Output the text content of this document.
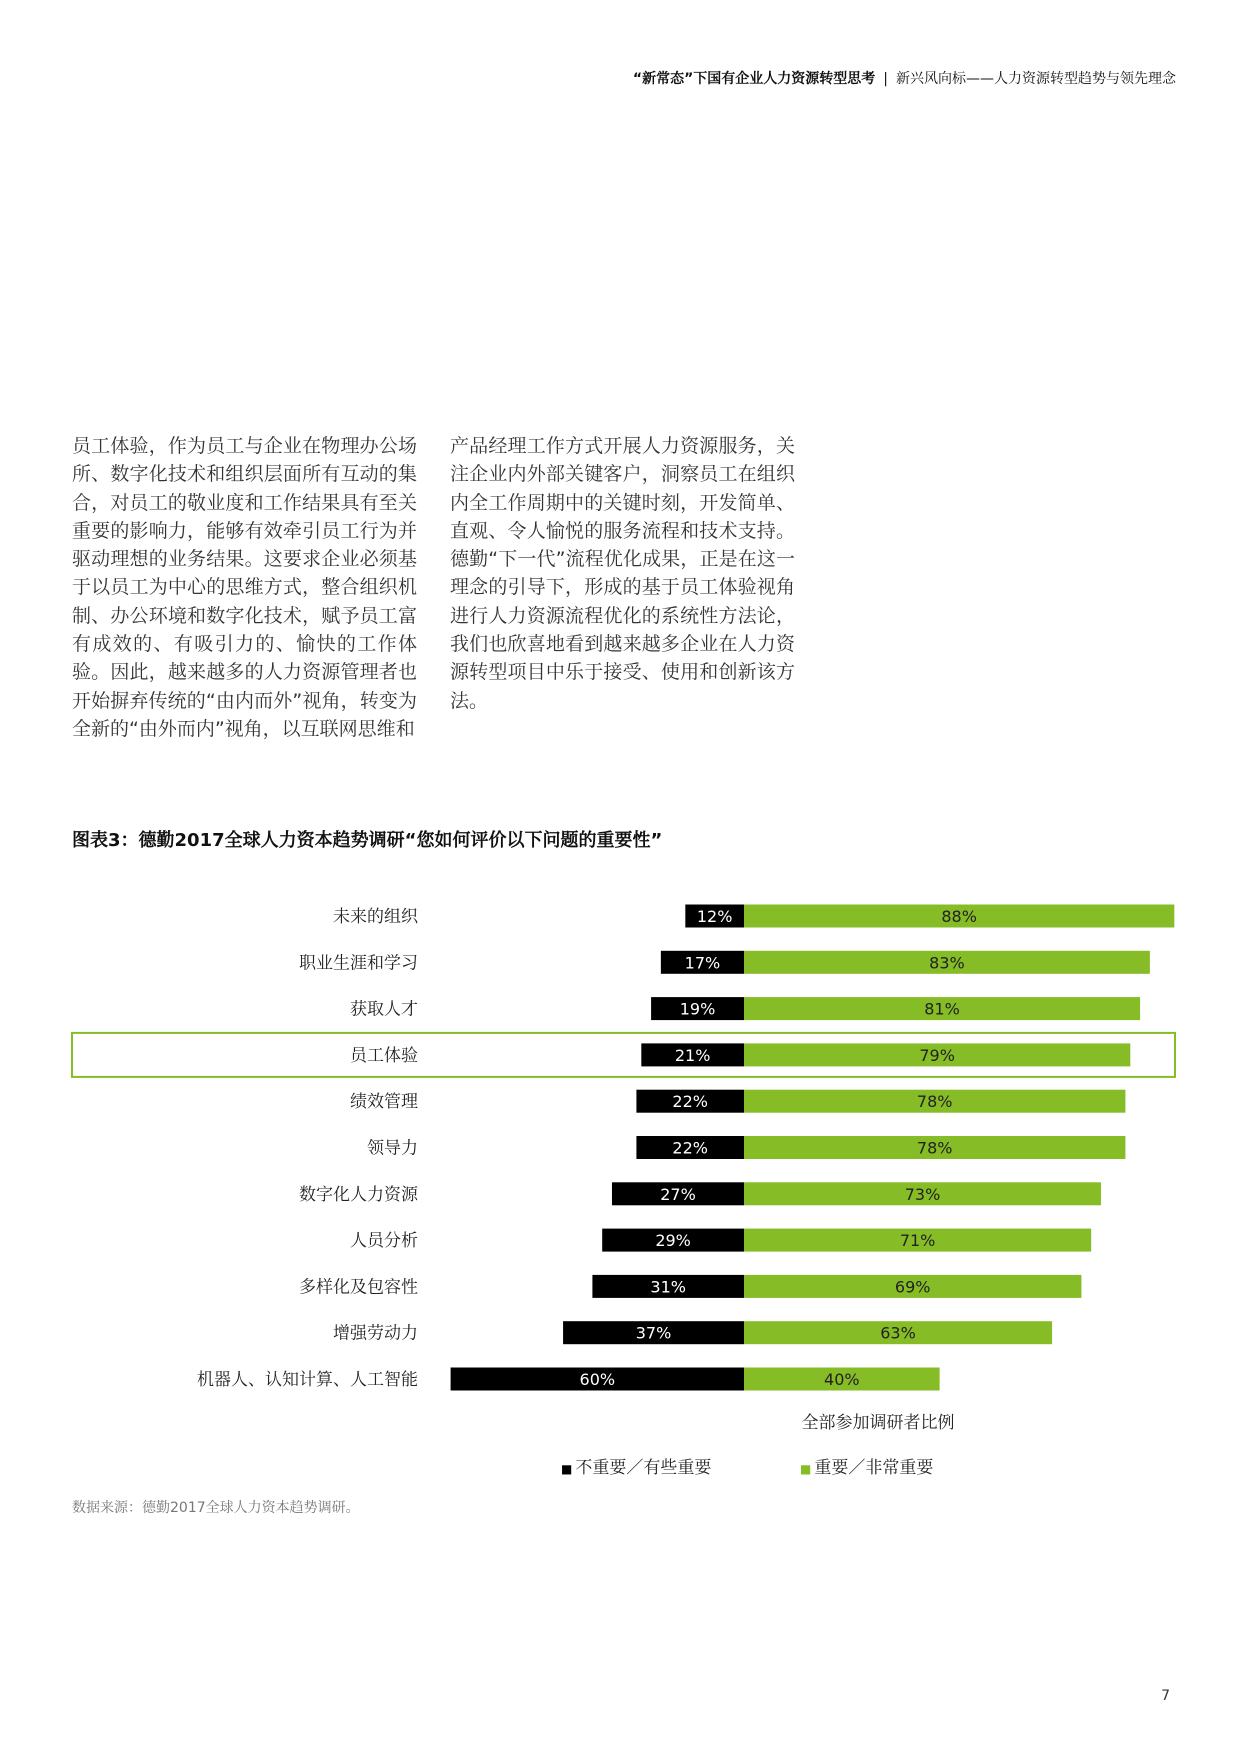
“新常态”下国有企业人力资源转型思考 | 新兴风向标——人力资源转型趋势与领先理念
员工体验，作为员工与企业在物理办公场所、数字化技术和组织层面所有互动的集合，对员工的敬业度和工作结果具有至关重要的影响力，能够有效牵引员工行为并驱动理想的业务结果。这要求企业必须基于以员工为中心的思维方式，整合组织机制、办公环境和数字化技术，赋予员工富有成效的、有吸引力的、愉快的工作体验。因此，越来越多的人力资源管理者也开始摒弃传统的“由内而外”视角，转变为全新的“由外而内”视角，以互联网思维和
产品经理工作方式开展人力资源服务，关注企业内外部关键客户，洞察员工在组织内全工作周期中的关键时刻，开发简单、直观、令人愉悦的服务流程和技术支持。德勤“下一代”流程优化成果，正是在这一理念的引导下，形成的基于员工体验视角进行人力资源流程优化的系统性方法论，我们也欣喜地看到越来越多企业在人力资源转型项目中乐于接受、使用和创新该方法。
图表3：德勤2017全球人力资本趋势调研“您如何评价以下问题的重要性”
未来的组织	12%	88%
职业生涯和学习	17%	83%
获取人才	19%	81%
员工体验	21%	79%
绩效管理	22%	78%
领导力	22%	78%
数字化人力资源	27%	73%
人员分析	29%	71%
多样化及包容性	31%	69%
增强劳动力	37%	63%
机器人、认知计算、人工智能	60%	40%
全部参加调研者比例
■ 不重要／有些重要	■ 重要／非常重要
数据来源：德勤2017全球人力资本趋势调研。
7
